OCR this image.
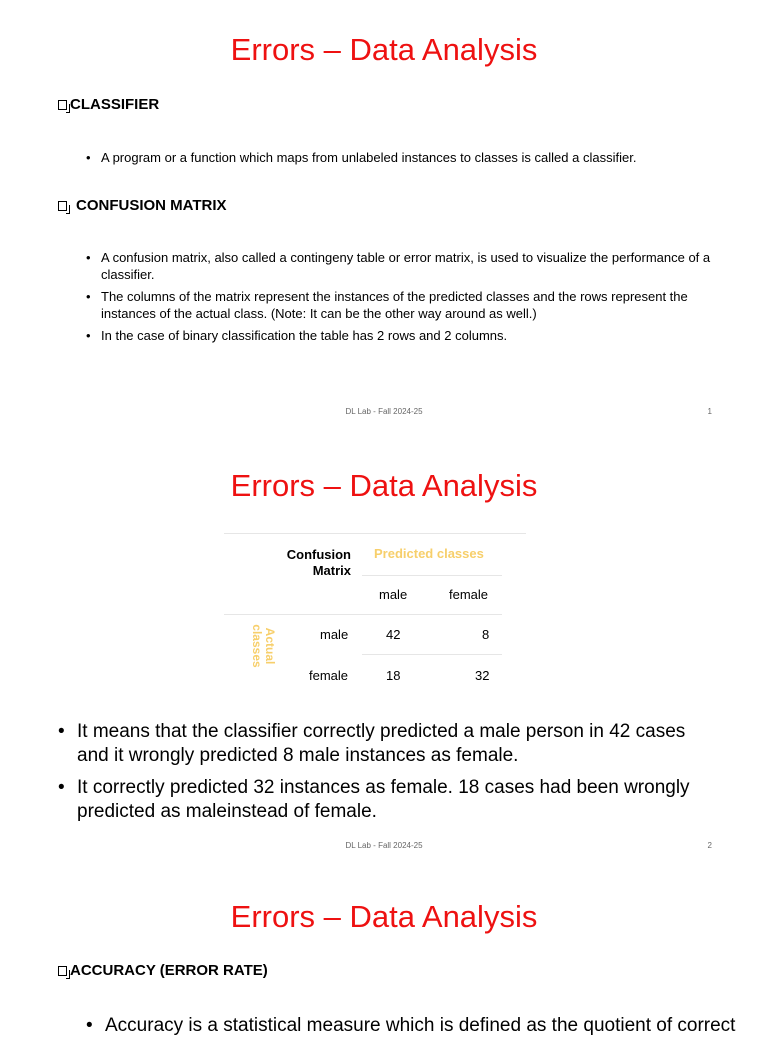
Errors – Data Analysis
CLASSIFIER
• A program or a function which maps from unlabeled instances to classes is called a classifier.
CONFUSION MATRIX
• A confusion matrix, also called a contingeny table or error matrix, is used to visualize the performance of a classifier.
• The columns of the matrix represent the instances of the predicted classes and the rows represent the instances of the actual class. (Note: It can be the other way around as well.)
• In the case of binary classification the table has 2 rows and 2 columns.
DL Lab - Fall 2024-25	1
Errors – Data Analysis
Confusion Matrix
Predicted classes
male	female
Actual classes	male	42	8
female	18	32
• It means that the classifier correctly predicted a male person in 42 cases and it wrongly predicted 8 male instances as female.
• It correctly predicted 32 instances as female. 18 cases had been wrongly predicted as maleinstead of female.
DL Lab - Fall 2024-25	2
Errors – Data Analysis
ACCURACY (ERROR RATE)
• Accuracy is a statistical measure which is defined as the quotient of correct
